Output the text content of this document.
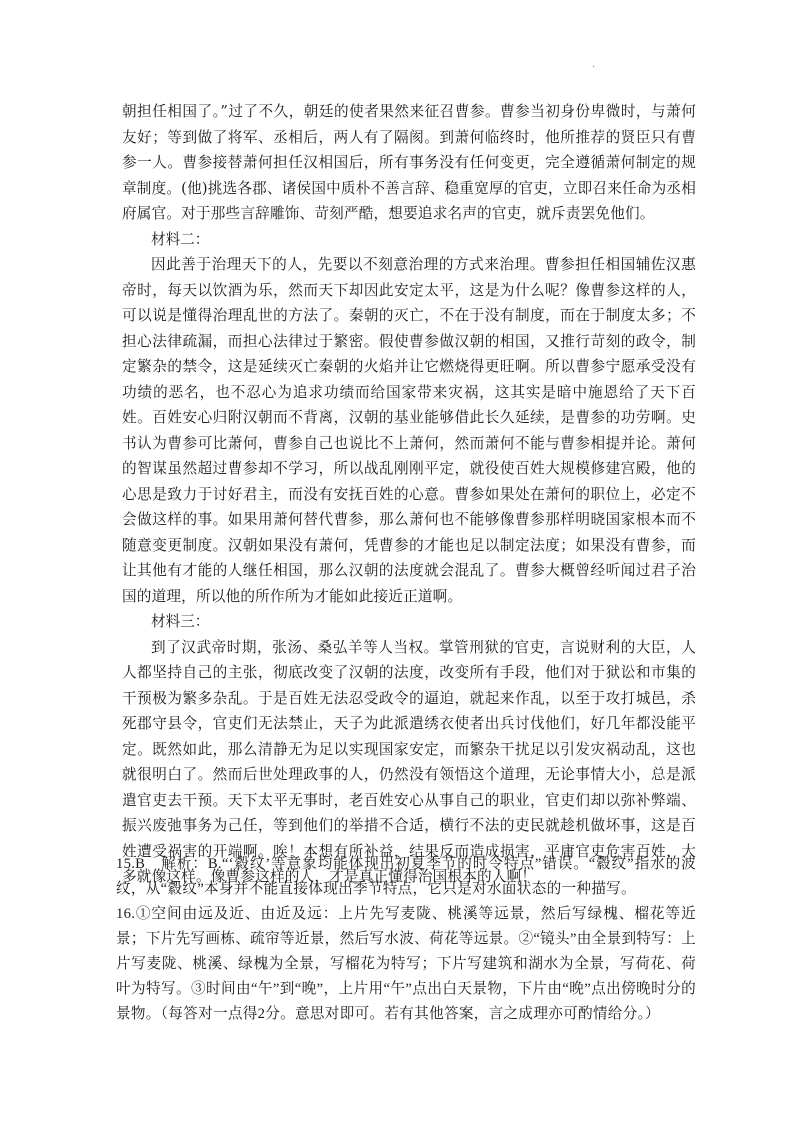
·

朝担任相国了。”过了不久，朝廷的使者果然来征召曹参。曹参当初身份卑微时，与萧何友好；等到做了将军、丞相后，两人有了隔阂。到萧何临终时，他所推荐的贤臣只有曹参一人。曹参接替萧何担任汉相国后，所有事务没有任何变更，完全遵循萧何制定的规章制度。(他)挑选各郡、诸侯国中质朴不善言辞、稳重宽厚的官吏，立即召来任命为丞相府属官。对于那些言辞雕饰、苛刻严酷，想要追求名声的官吏，就斥责罢免他们。

材料二：

因此善于治理天下的人，先要以不刻意治理的方式来治理。曹参担任相国辅佐汉惠帝时，每天以饮酒为乐，然而天下却因此安定太平，这是为什么呢？像曹参这样的人，可以说是懂得治理乱世的方法了。秦朝的灭亡，不在于没有制度，而在于制度太多；不担心法律疏漏，而担心法律过于繁密。假使曹参做汉朝的相国，又推行苛刻的政令，制定繁杂的禁令，这是延续灭亡秦朝的火焰并让它燃烧得更旺啊。所以曹参宁愿承受没有功绩的恶名，也不忍心为追求功绩而给国家带来灾祸，这其实是暗中施恩给了天下百姓。百姓安心归附汉朝而不背离，汉朝的基业能够借此长久延续，是曹参的功劳啊。史书认为曹参可比萧何，曹参自己也说比不上萧何，然而萧何不能与曹参相提并论。萧何的智谋虽然超过曹参却不学习，所以战乱刚刚平定，就役使百姓大规模修建宫殿，他的心思是致力于讨好君主，而没有安抚百姓的心意。曹参如果处在萧何的职位上，必定不会做这样的事。如果用萧何替代曹参，那么萧何也不能够像曹参那样明晓国家根本而不随意变更制度。汉朝如果没有萧何，凭曹参的才能也足以制定法度；如果没有曹参，而让其他有才能的人继任相国，那么汉朝的法度就会混乱了。曹参大概曾经听闻过君子治国的道理，所以他的所作所为才能如此接近正道啊。

材料三：

到了汉武帝时期，张汤、桑弘羊等人当权。掌管刑狱的官吏，言说财利的大臣，人人都坚持自己的主张，彻底改变了汉朝的法度，改变所有手段，他们对于狱讼和市集的干预极为繁多杂乱。于是百姓无法忍受政令的逼迫，就起来作乱，以至于攻打城邑，杀死郡守县令，官吏们无法禁止，天子为此派遣绣衣使者出兵讨伐他们，好几年都没能平定。既然如此，那么清静无为足以实现国家安定，而繁杂干扰足以引发灾祸动乱，这也就很明白了。然而后世处理政事的人，仍然没有领悟这个道理，无论事情大小，总是派遣官吏去干预。天下太平无事时，老百姓安心从事自己的职业，官吏们却以弥补弊端、振兴废弛事务为己任，等到他们的举措不合适，横行不法的吏民就趁机做坏事，这是百姓遭受祸害的开端啊。唉！本想有所补益，结果反而造成损害，平庸官吏危害百姓，大多就像这样。像曹参这样的人，才是真正懂得治国根本的人啊！

15.B　解析：B.“‘縠纹’等意象均能体现出初夏季节的时令特点”错误。“縠纹”指水的波纹，从“縠纹”本身并不能直接体现出季节特点，它只是对水面状态的一种描写。

16.①空间由远及近、由近及远：上片先写麦陇、桃溪等远景，然后写绿槐、榴花等近景；下片先写画栋、疏帘等近景，然后写水波、荷花等远景。②“镜头”由全景到特写：上片写麦陇、桃溪、绿槐为全景，写榴花为特写；下片写建筑和湖水为全景，写荷花、荷叶为特写。③时间由“午”到“晚”，上片用“午”点出白天景物，下片由“晚”点出傍晚时分的景物。（每答对一点得2分。意思对即可。若有其他答案，言之成理亦可酌情给分。）
